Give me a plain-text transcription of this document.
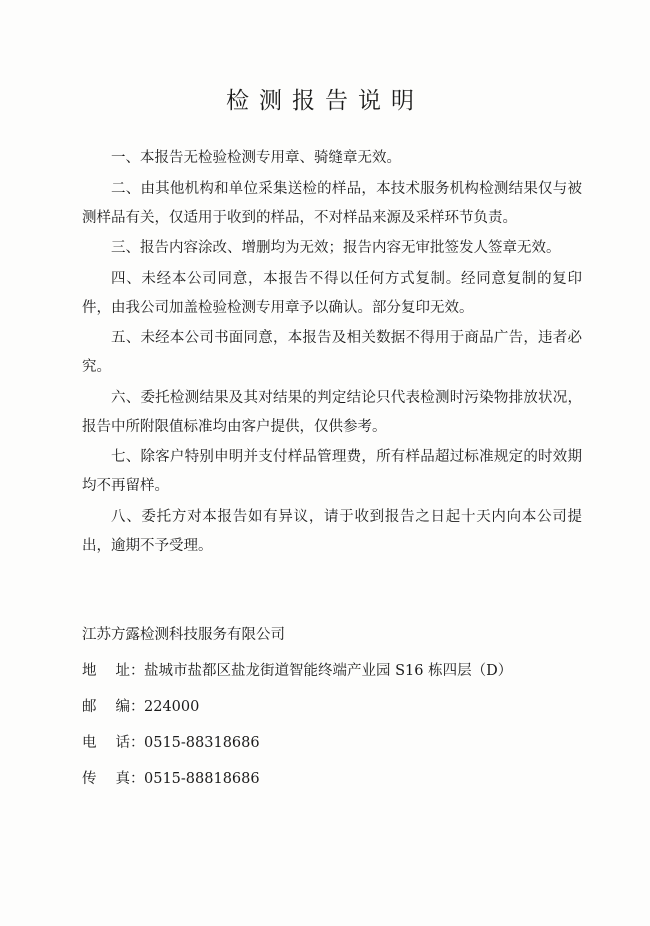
检测报告说明

一、本报告无检验检测专用章、骑缝章无效。

二、由其他机构和单位采集送检的样品，本技术服务机构检测结果仅与被测样品有关，仅适用于收到的样品，不对样品来源及采样环节负责。

三、报告内容涂改、增删均为无效；报告内容无审批签发人签章无效。

四、未经本公司同意，本报告不得以任何方式复制。经同意复制的复印件，由我公司加盖检验检测专用章予以确认。部分复印无效。

五、未经本公司书面同意，本报告及相关数据不得用于商品广告，违者必究。

六、委托检测结果及其对结果的判定结论只代表检测时污染物排放状况，报告中所附限值标准均由客户提供，仅供参考。

七、除客户特别申明并支付样品管理费，所有样品超过标准规定的时效期均不再留样。

八、委托方对本报告如有异议，请于收到报告之日起十天内向本公司提出，逾期不予受理。

江苏方露检测科技服务有限公司
地 址：盐城市盐都区盐龙街道智能终端产业园 S16 栋四层（D）
邮 编：224000
电 话：0515-88318686
传 真：0515-88818686
